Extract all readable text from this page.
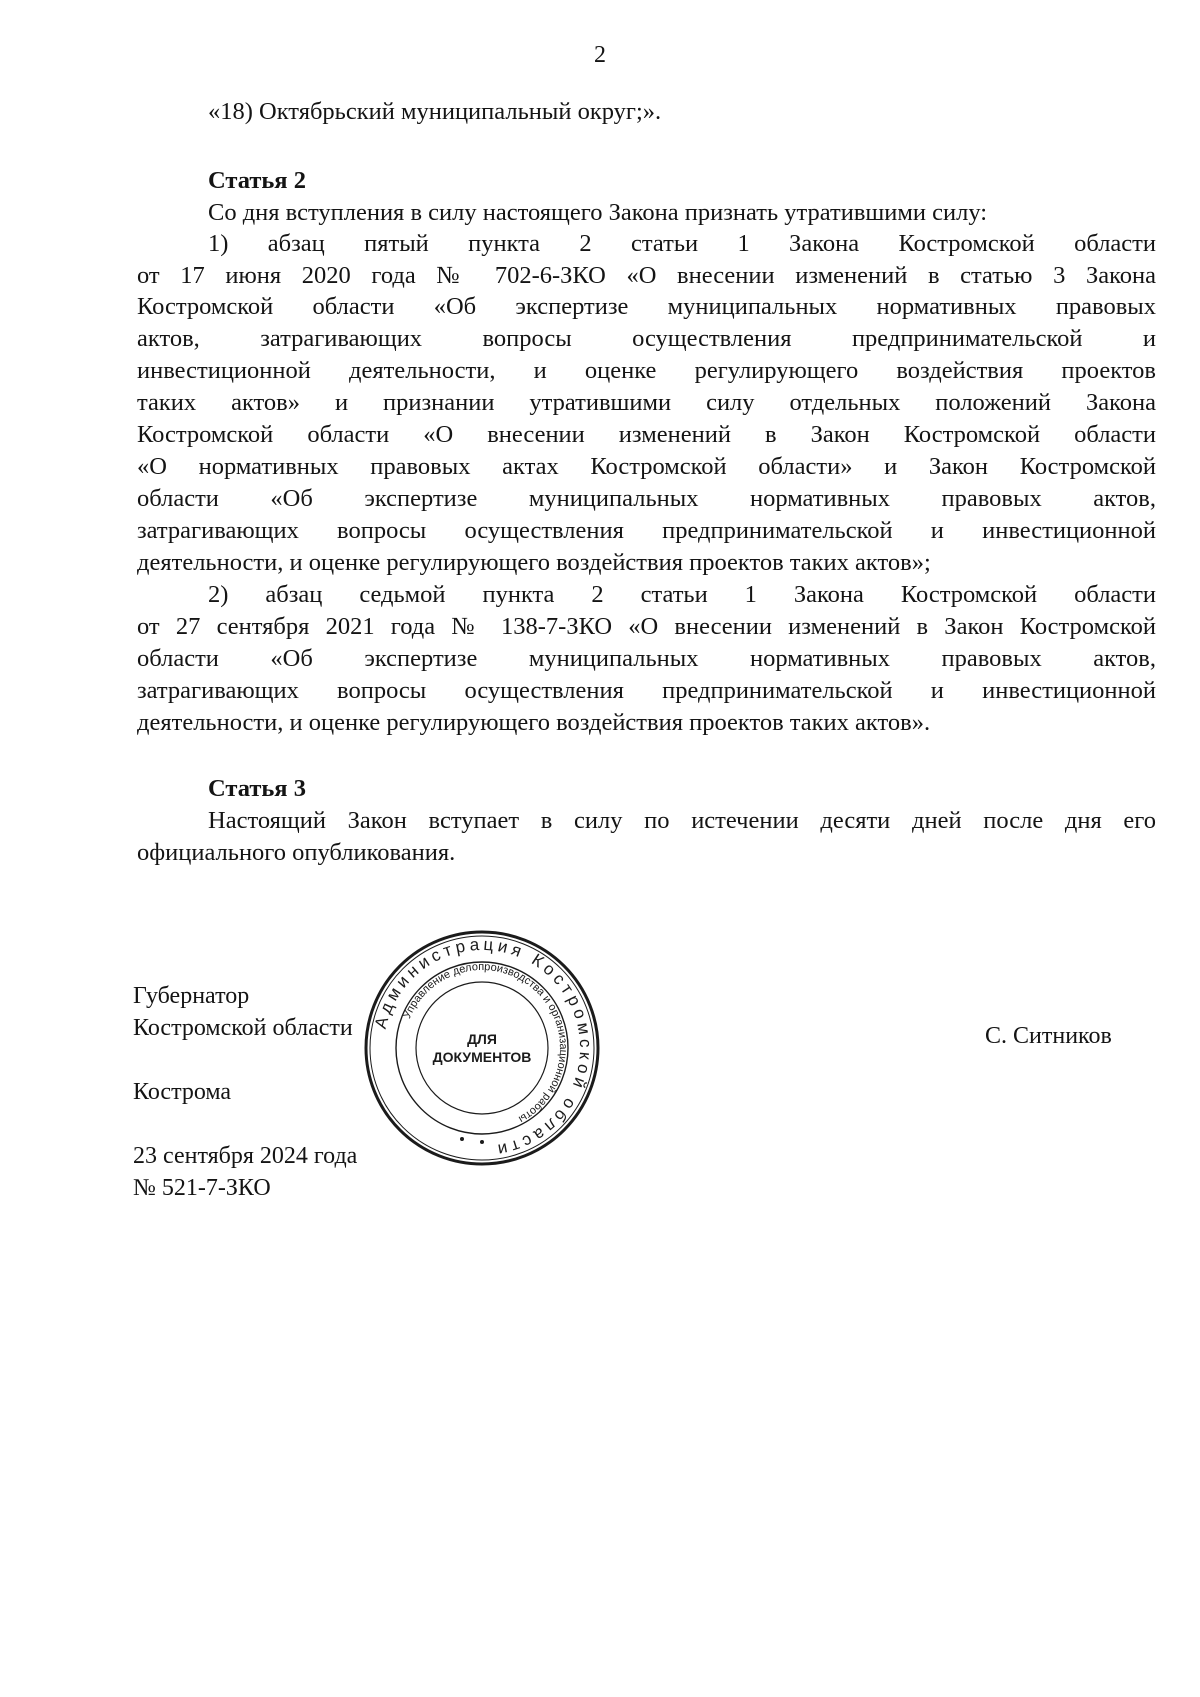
2
«18) Октябрьский муниципальный округ;».
Статья 2
Со дня вступления в силу настоящего Закона признать утратившими силу:
1) абзац пятый пункта 2 статьи 1 Закона Костромской области
от 17 июня 2020 года № 702-6-ЗКО «О внесении изменений в статью 3 Закона
Костромской области «Об экспертизе муниципальных нормативных правовых
актов, затрагивающих вопросы осуществления предпринимательской и
инвестиционной деятельности, и оценке регулирующего воздействия проектов
таких актов» и признании утратившими силу отдельных положений Закона
Костромской области «О внесении изменений в Закон Костромской области
«О нормативных правовых актах Костромской области» и Закон Костромской
области «Об экспертизе муниципальных нормативных правовых актов,
затрагивающих вопросы осуществления предпринимательской и инвестиционной
деятельности, и оценке регулирующего воздействия проектов таких актов»;
2) абзац седьмой пункта 2 статьи 1 Закона Костромской области
от 27 сентября 2021 года № 138-7-ЗКО «О внесении изменений в Закон Костромской
области «Об экспертизе муниципальных нормативных правовых актов,
затрагивающих вопросы осуществления предпринимательской и инвестиционной
деятельности, и оценке регулирующего воздействия проектов таких актов».
Статья 3
Настоящий Закон вступает в силу по истечении десяти дней после дня его
официального опубликования.
Губернатор
Костромской области	С. Ситников
Кострома
23 сентября 2024 года
№ 521-7-ЗКО
Администрация Костромской области
Управление делопроизводства и организационной работы
ДЛЯ
ДОКУМЕНТОВ
